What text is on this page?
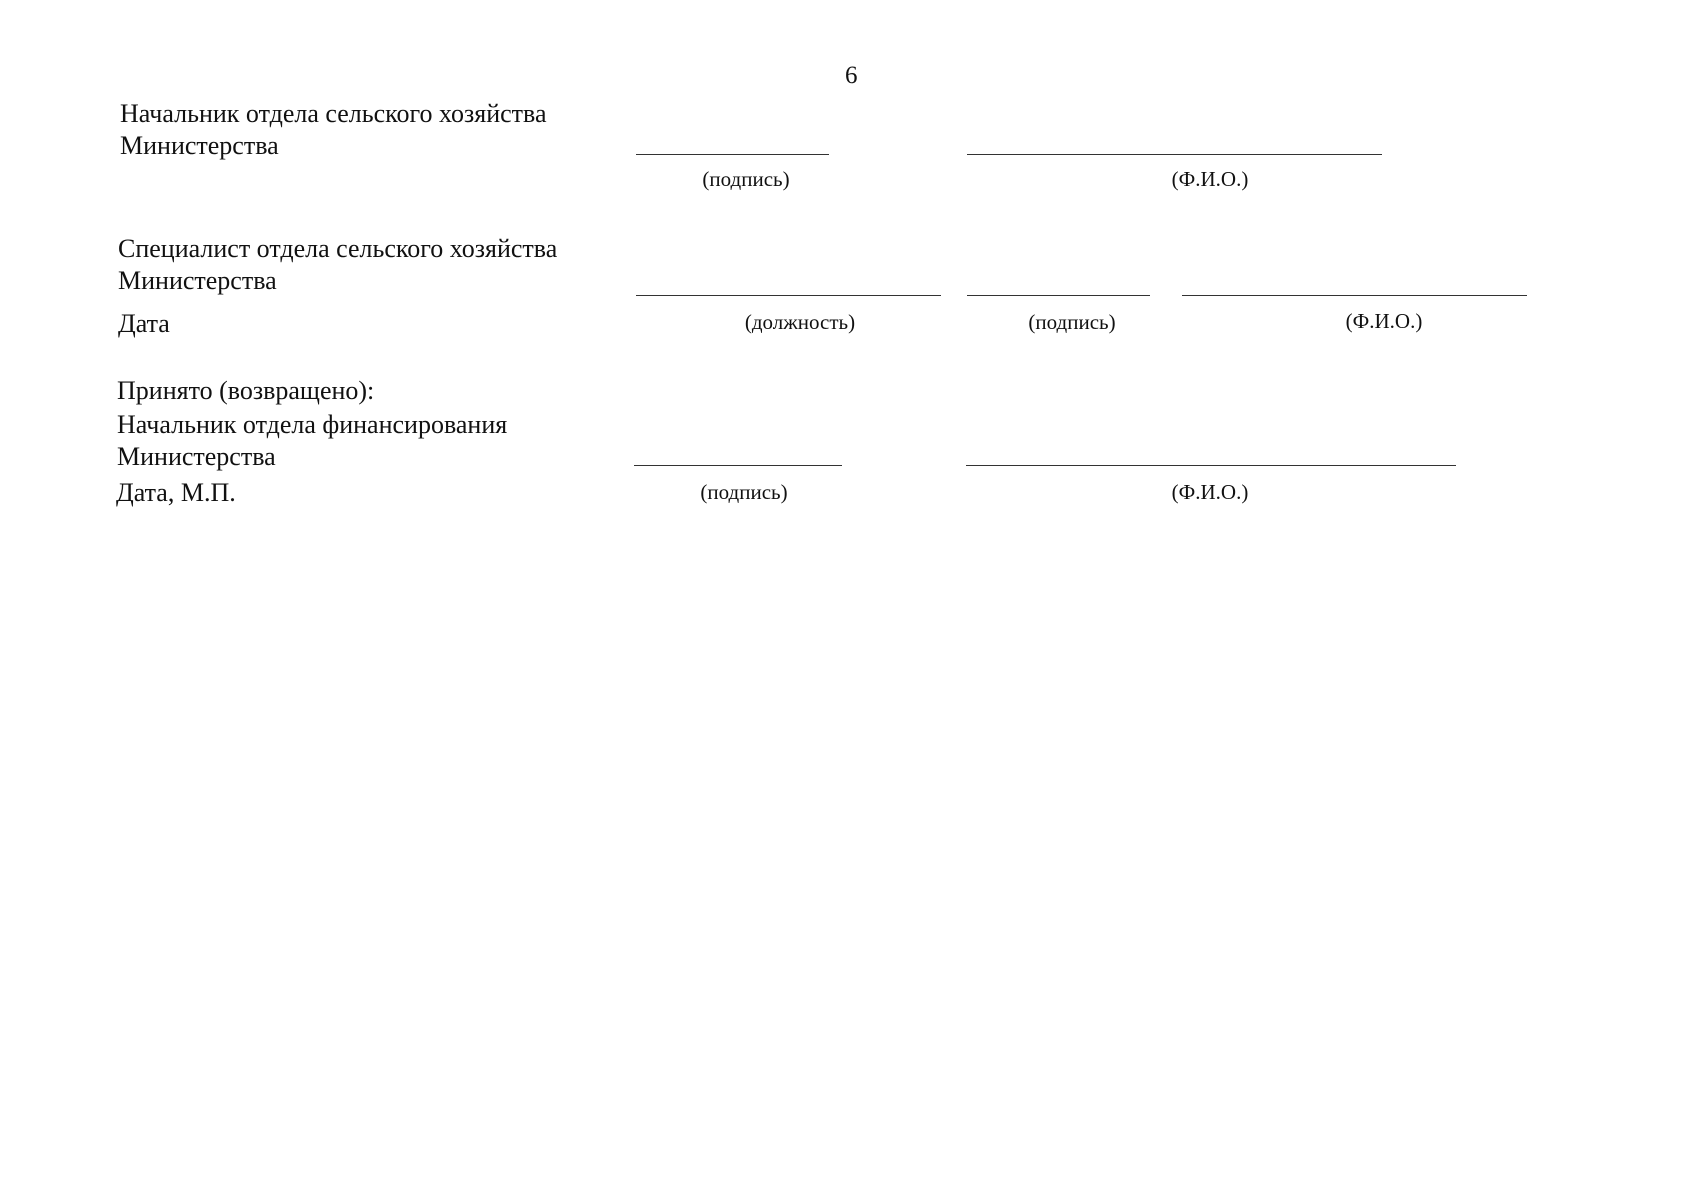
6
Начальник отдела сельского хозяйства
Министерства
(подпись)	(Ф.И.О.)
Специалист отдела сельского хозяйства
Министерства
Дата	(должность)	(подпись)	(Ф.И.О.)
Принято (возвращено):
Начальник отдела финансирования
Министерства
Дата, М.П.	(подпись)	(Ф.И.О.)
